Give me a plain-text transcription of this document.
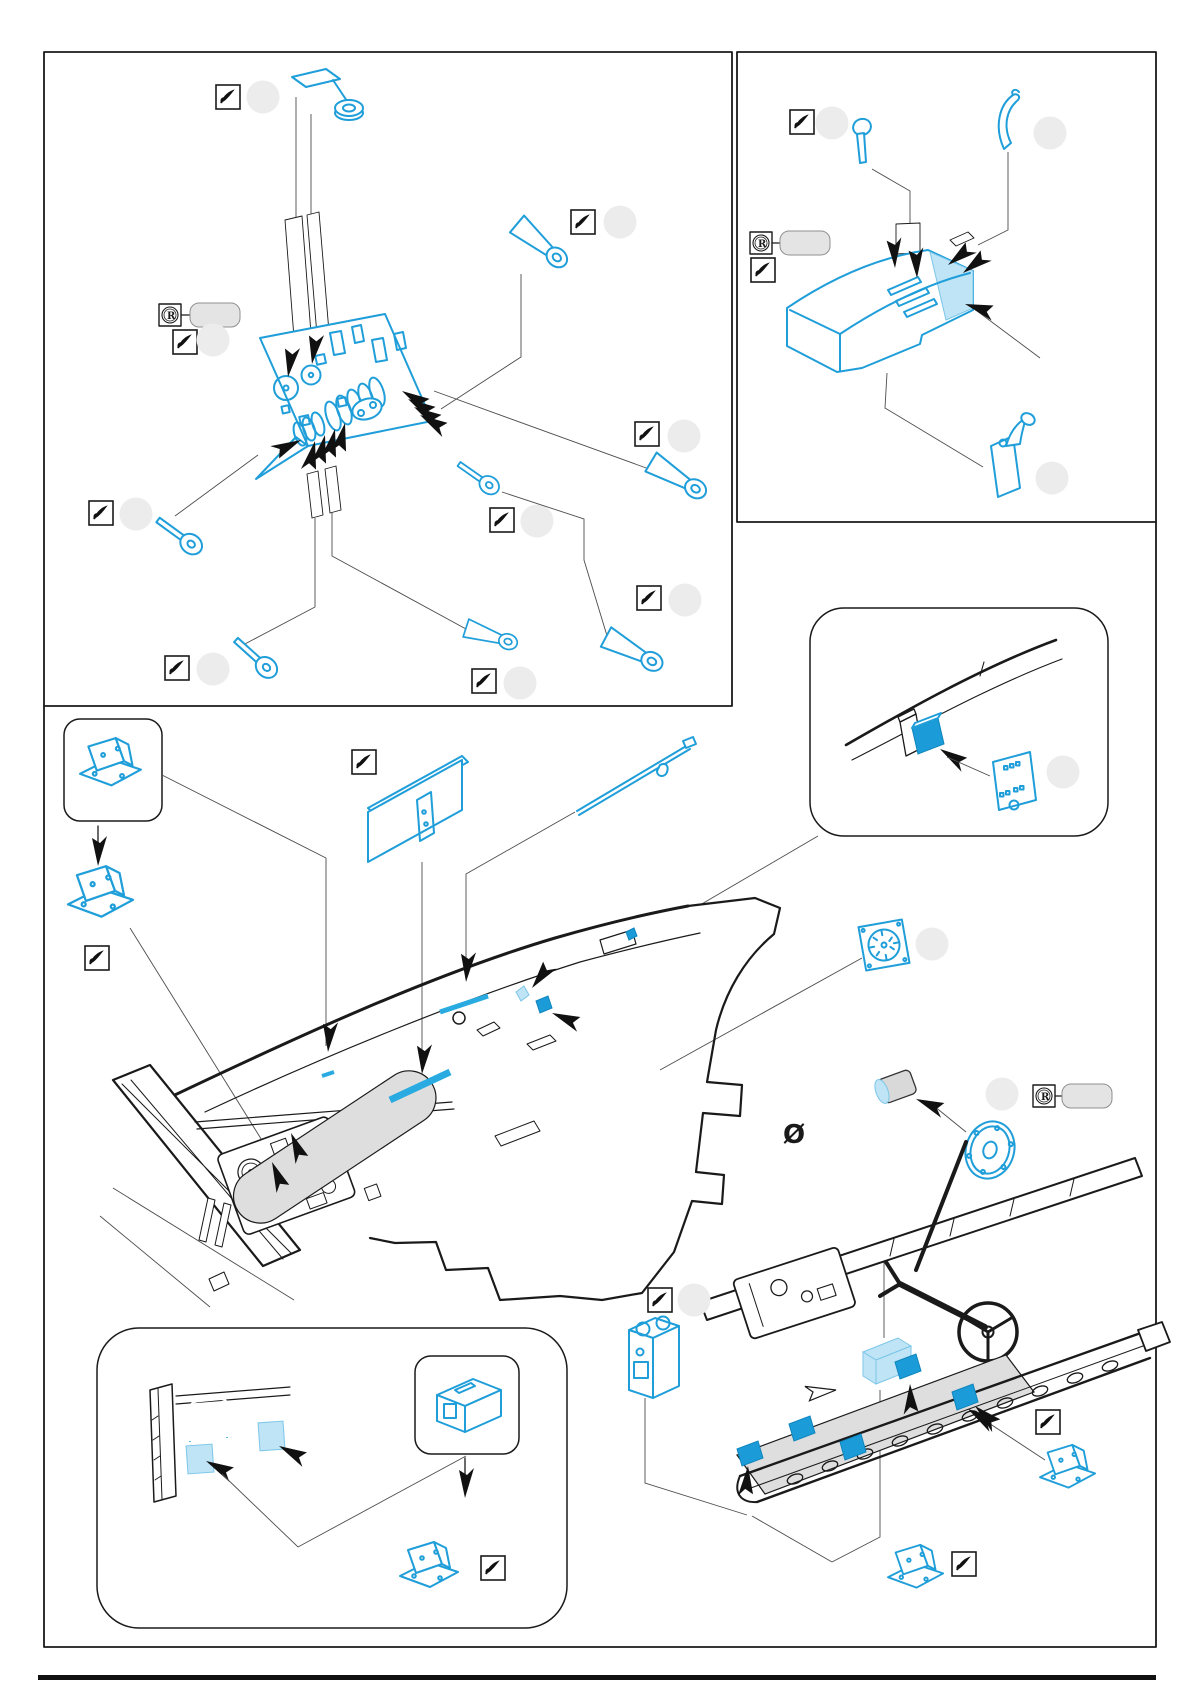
R
R
Ø
R
